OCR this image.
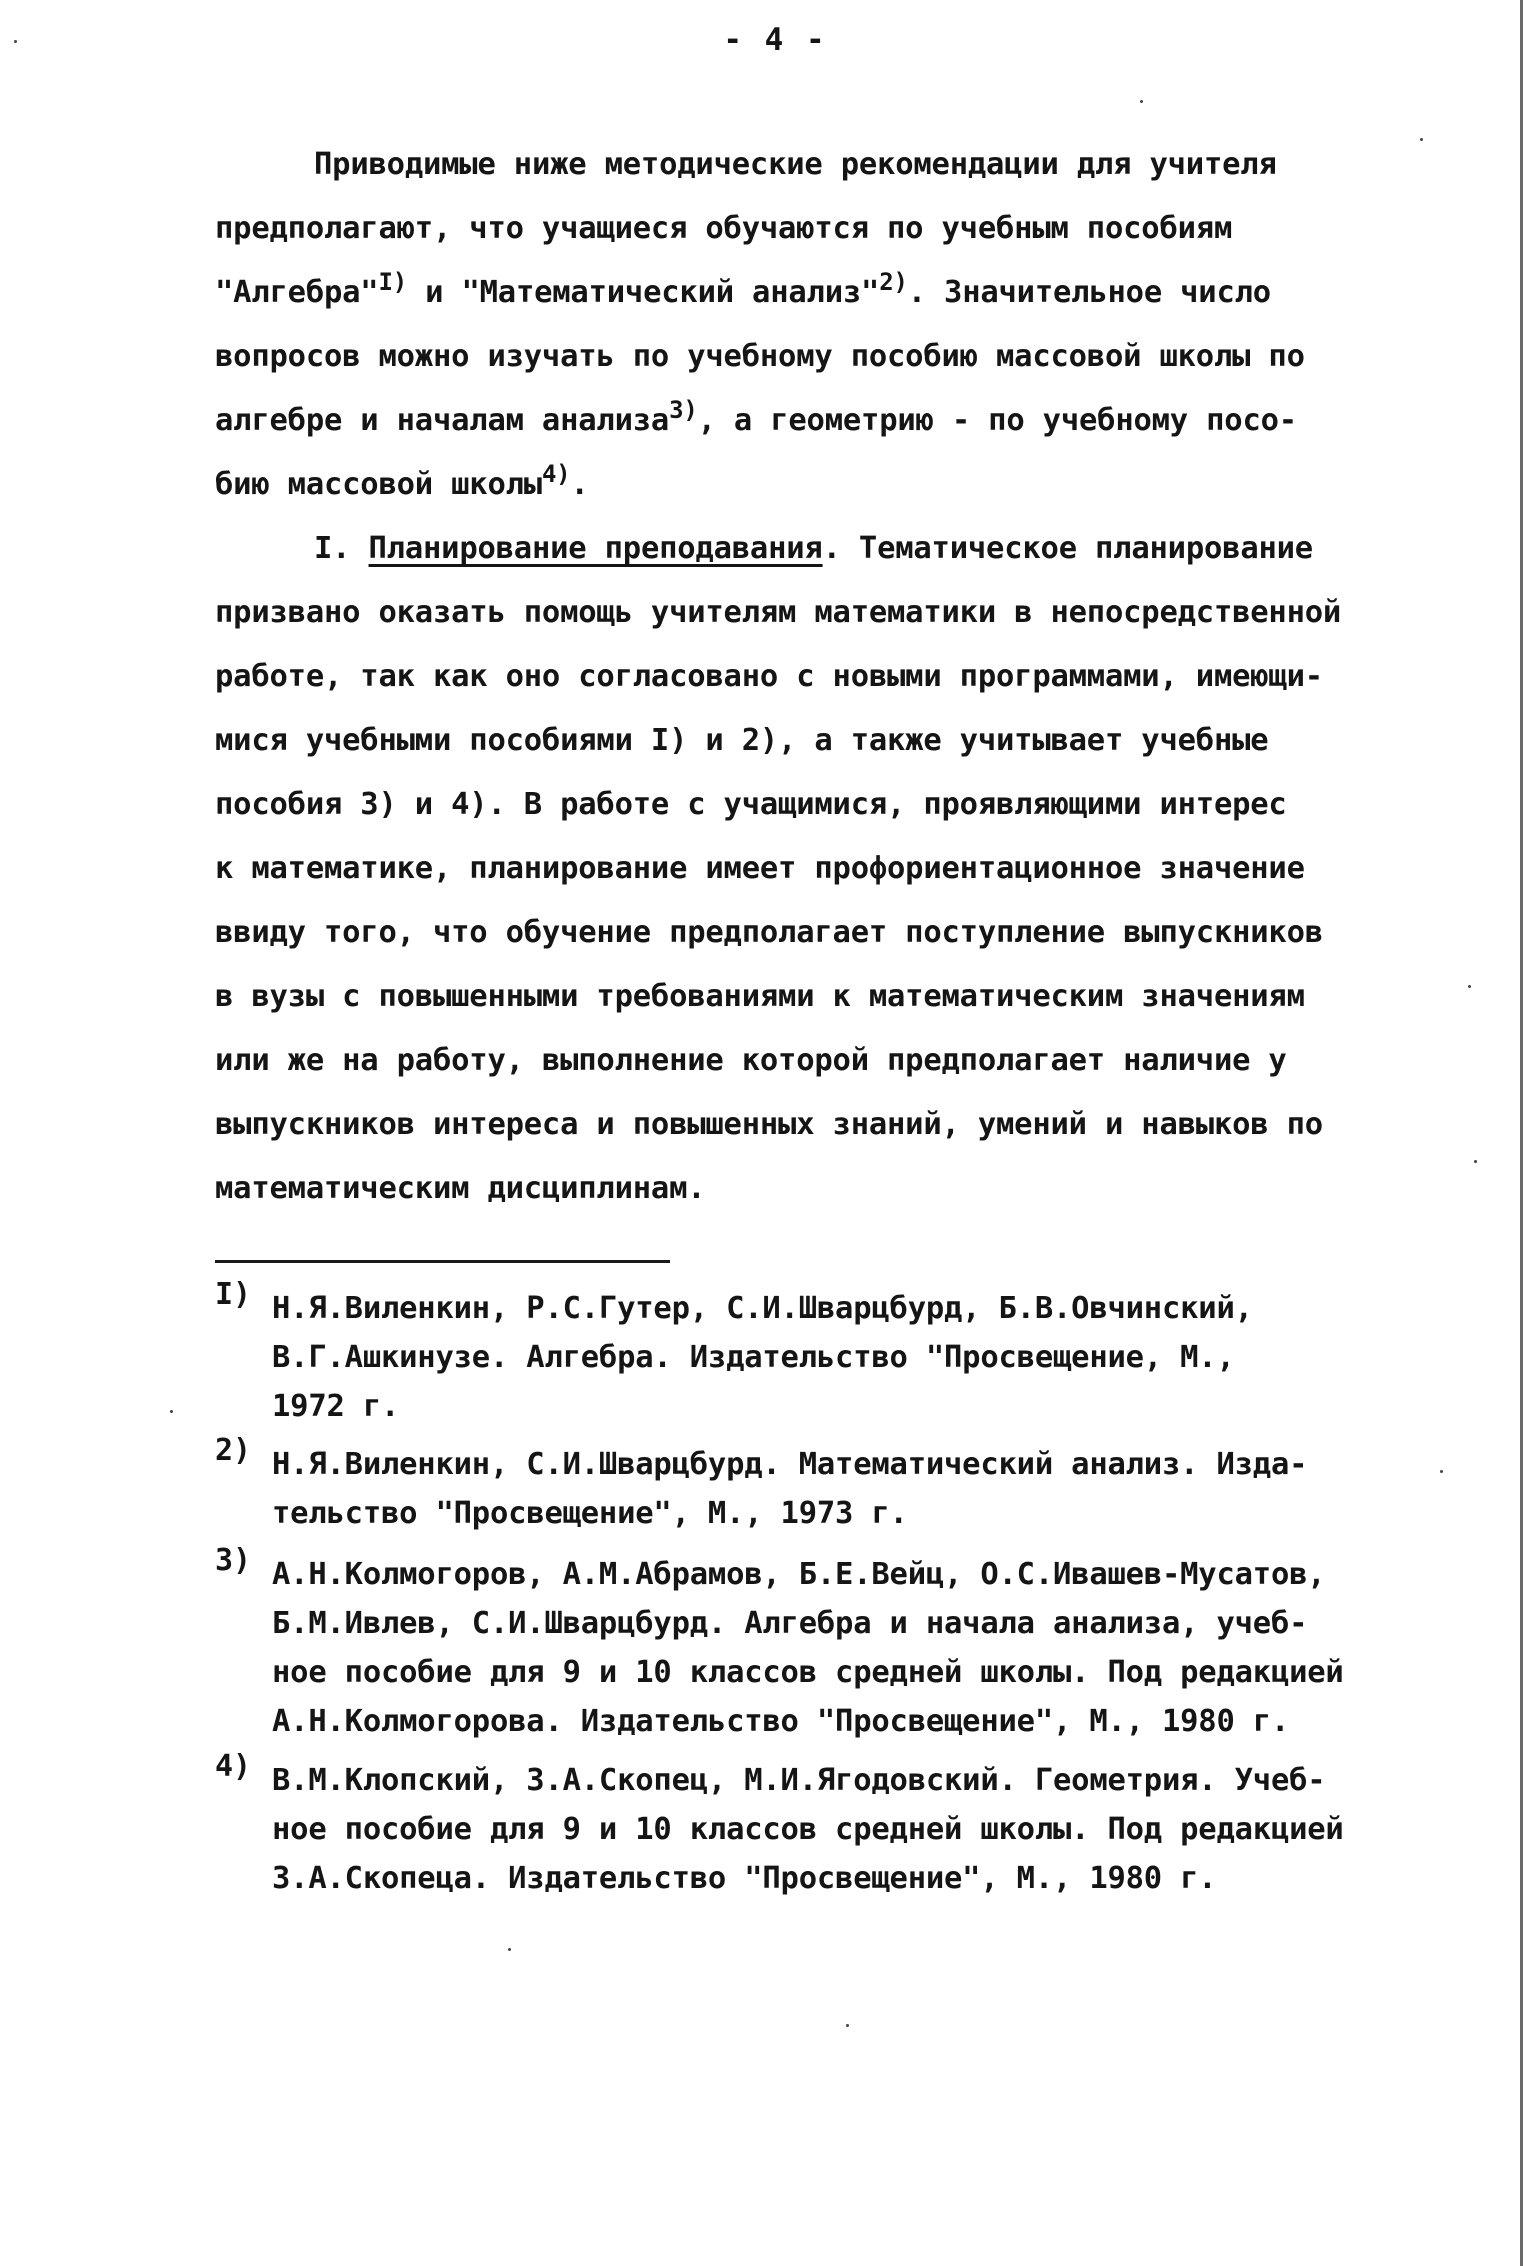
- 4 -
Приводимые ниже методические рекомендации для учителя
предполагают, что учащиеся обучаются по учебным пособиям
"Алгебра"$^{I)}$ и "Математический анализ"$^{2)}$. Значительное число
вопросов можно изучать по учебному пособию массовой школы по
алгебре и началам анализа$^{3)}$, а геометрию - по учебному посо-
бию массовой школы$^{4)}$.
I. Планирование преподавания. Тематическое планирование
призвано оказать помощь учителям математики в непосредственной
работе, так как оно согласовано с новыми программами, имеющи-
мися учебными пособиями I) и 2), а также учитывает учебные
пособия 3) и 4). В работе с учащимися, проявляющими интерес
к математике, планирование имеет профориентационное значение
ввиду того, что обучение предполагает поступление выпускников
в вузы с повышенными требованиями к математическим значениям
или же на работу, выполнение которой предполагает наличие у
выпускников интереса и повышенных знаний, умений и навыков по
математическим дисциплинам.
I) Н.Я.Виленкин, Р.С.Гутер, С.И.Шварцбурд, Б.В.Овчинский,
В.Г.Ашкинузе. Алгебра. Издательство "Просвещение, М.,
1972 г.
2) Н.Я.Виленкин, С.И.Шварцбурд. Математический анализ. Изда-
тельство "Просвещение", М., 1973 г.
3) А.Н.Колмогоров, А.М.Абрамов, Б.Е.Вейц, О.С.Ивашев-Мусатов,
Б.М.Ивлев, С.И.Шварцбурд. Алгебра и начала анализа, учеб-
ное пособие для 9 и 10 классов средней школы. Под редакцией
А.Н.Колмогорова. Издательство "Просвещение", М., 1980 г.
4) В.М.Клопский, З.А.Скопец, М.И.Ягодовский. Геометрия. Учеб-
ное пособие для 9 и 10 классов средней школы. Под редакцией
З.А.Скопеца. Издательство "Просвещение", М., 1980 г.
